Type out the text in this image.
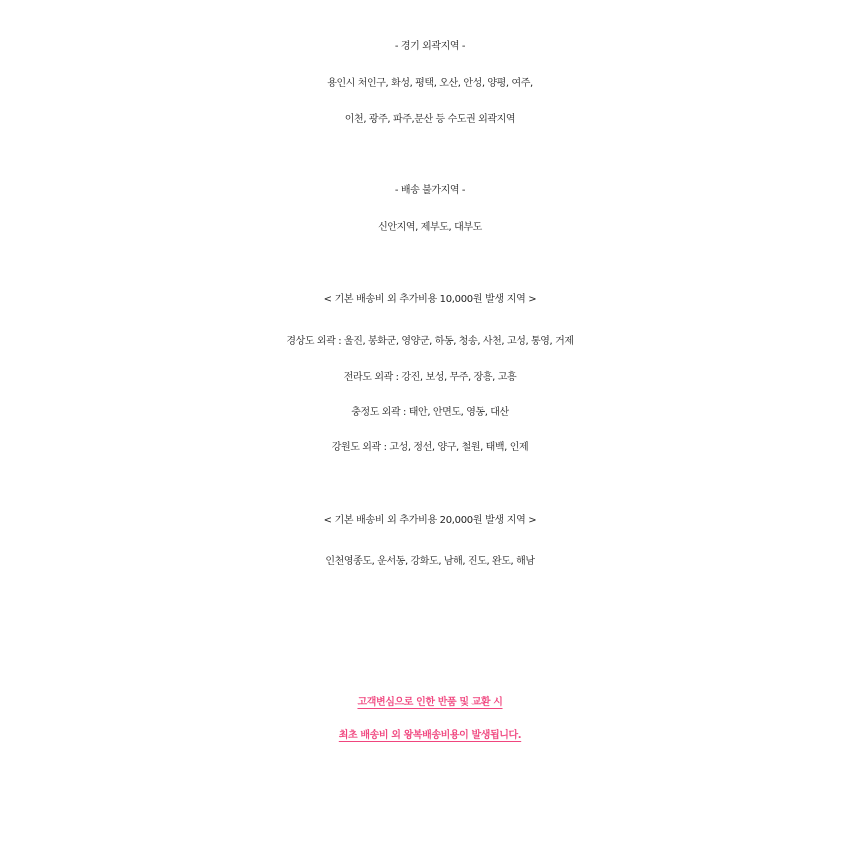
- 경기 외곽지역 -
용인시 처인구, 화성, 평택, 오산, 안성, 양평, 여주,
이천, 광주, 파주,문산 등 수도권 외곽지역
- 배송 불가지역 -
신안지역, 제부도, 대부도
< 기본 배송비 외 추가비용 10,000원 발생 지역 >
경상도 외곽 : 울진, 봉화군, 영양군, 하동, 청송, 사천, 고성, 통영, 거제
전라도 외곽 : 강진, 보성, 무주, 장흥, 고흥
충정도 외곽 : 태안, 안면도, 영동, 대산
강원도 외곽 : 고성, 정선, 양구, 철원, 태백, 인제
< 기본 배송비 외 추가비용 20,000원 발생 지역 >
인천영종도, 운서동, 강화도, 남해, 진도, 완도, 해남
고객변심으로 인한 반품 및 교환 시
최초 배송비 외 왕복배송비용이 발생됩니다.
